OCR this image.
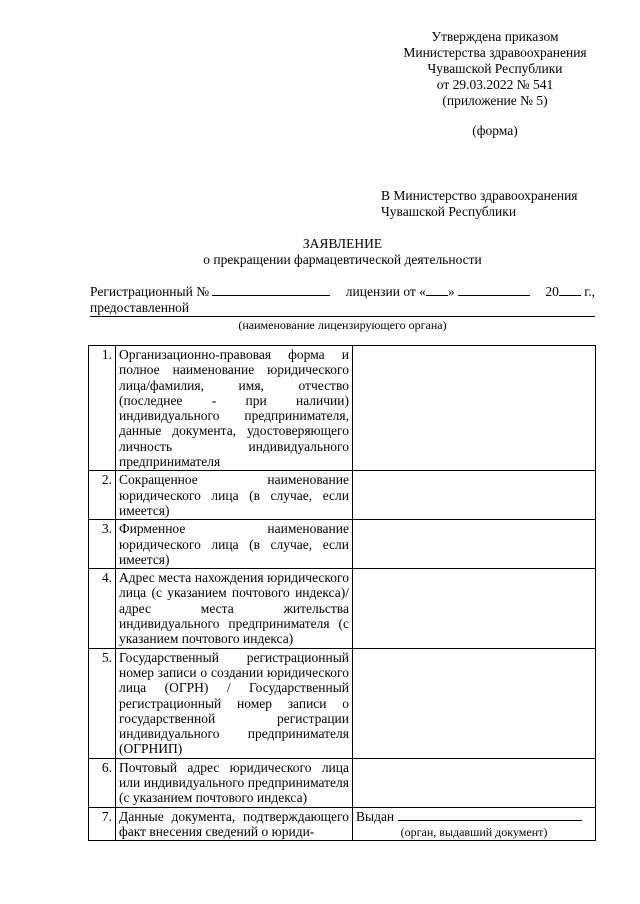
Утверждена приказом
Министерства здравоохранения
Чувашской Республики
от 29.03.2022 № 541
(приложение № 5)
(форма)
В Министерство здравоохранения
Чувашской Республики
ЗАЯВЛЕНИЕ
о прекращении фармацевтической деятельности
Регистрационный №	лицензии от « »	20 г.,
предоставленной
(наименование лицензирующего органа)
1.	Организационно-правовая форма и полное наименование юридического лица/фамилия, имя, отчество (последнее - при наличии) индивидуального предпринимателя, данные документа, удостоверяющего личность индивидуального предпринимателя	
2.	Сокращенное наименование юридического лица (в случае, если имеется)	
3.	Фирменное наименование юридического лица (в случае, если имеется)	
4.	Адрес места нахождения юридического лица (с указанием почтового индекса)/адрес места жительства индивидуального предпринимателя (с указанием почтового индекса)	
5.	Государственный регистрационный номер записи о создании юридического лица (ОГРН) / Государственный регистрационный номер записи о государственной регистрации индивидуального предпринимателя (ОГРНИП)	
6.	Почтовый адрес юридического лица или индивидуального предпринимателя (с указанием почтового индекса)	
7.	Данные документа, подтверждающего факт внесения сведений о юриди-	Выдан
(орган, выдавший документ)
